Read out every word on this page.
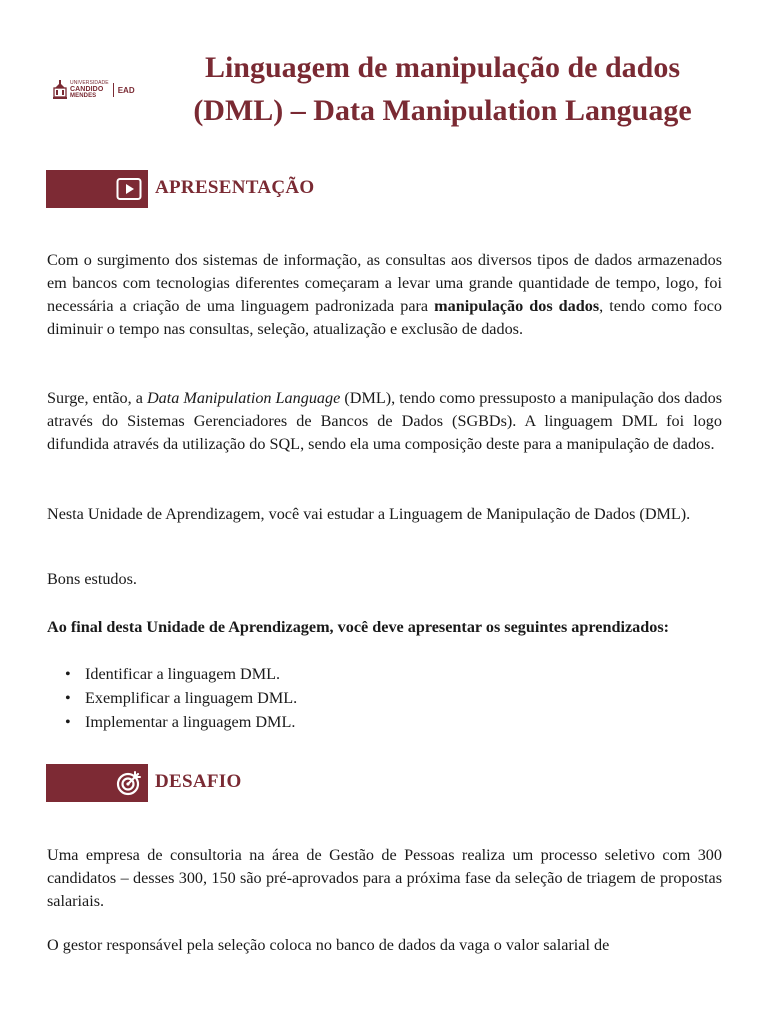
UNIVERSIDADE
CANDIDO
MENDES
EAD
Linguagem de manipulação de dados
(DML) – Data Manipulation Language
APRESENTAÇÃO

Com o surgimento dos sistemas de informação, as consultas aos diversos tipos de dados armazenados em bancos com tecnologias diferentes começaram a levar uma grande quantidade de tempo, logo, foi necessária a criação de uma linguagem padronizada para manipulação dos dados, tendo como foco diminuir o tempo nas consultas, seleção, atualização e exclusão de dados.

Surge, então, a Data Manipulation Language (DML), tendo como pressuposto a manipulação dos dados através do Sistemas Gerenciadores de Bancos de Dados (SGBDs). A linguagem DML foi logo difundida através da utilização do SQL, sendo ela uma composição deste para a manipulação de dados.

Nesta Unidade de Aprendizagem, você vai estudar a Linguagem de Manipulação de Dados (DML).

Bons estudos.

Ao final desta Unidade de Aprendizagem, você deve apresentar os seguintes aprendizados:

• Identificar a linguagem DML.
• Exemplificar a linguagem DML.
• Implementar a linguagem DML.
DESAFIO

Uma empresa de consultoria na área de Gestão de Pessoas realiza um processo seletivo com 300 candidatos – desses 300, 150 são pré-aprovados para a próxima fase da seleção de triagem de propostas salariais.

O gestor responsável pela seleção coloca no banco de dados da vaga o valor salarial de
